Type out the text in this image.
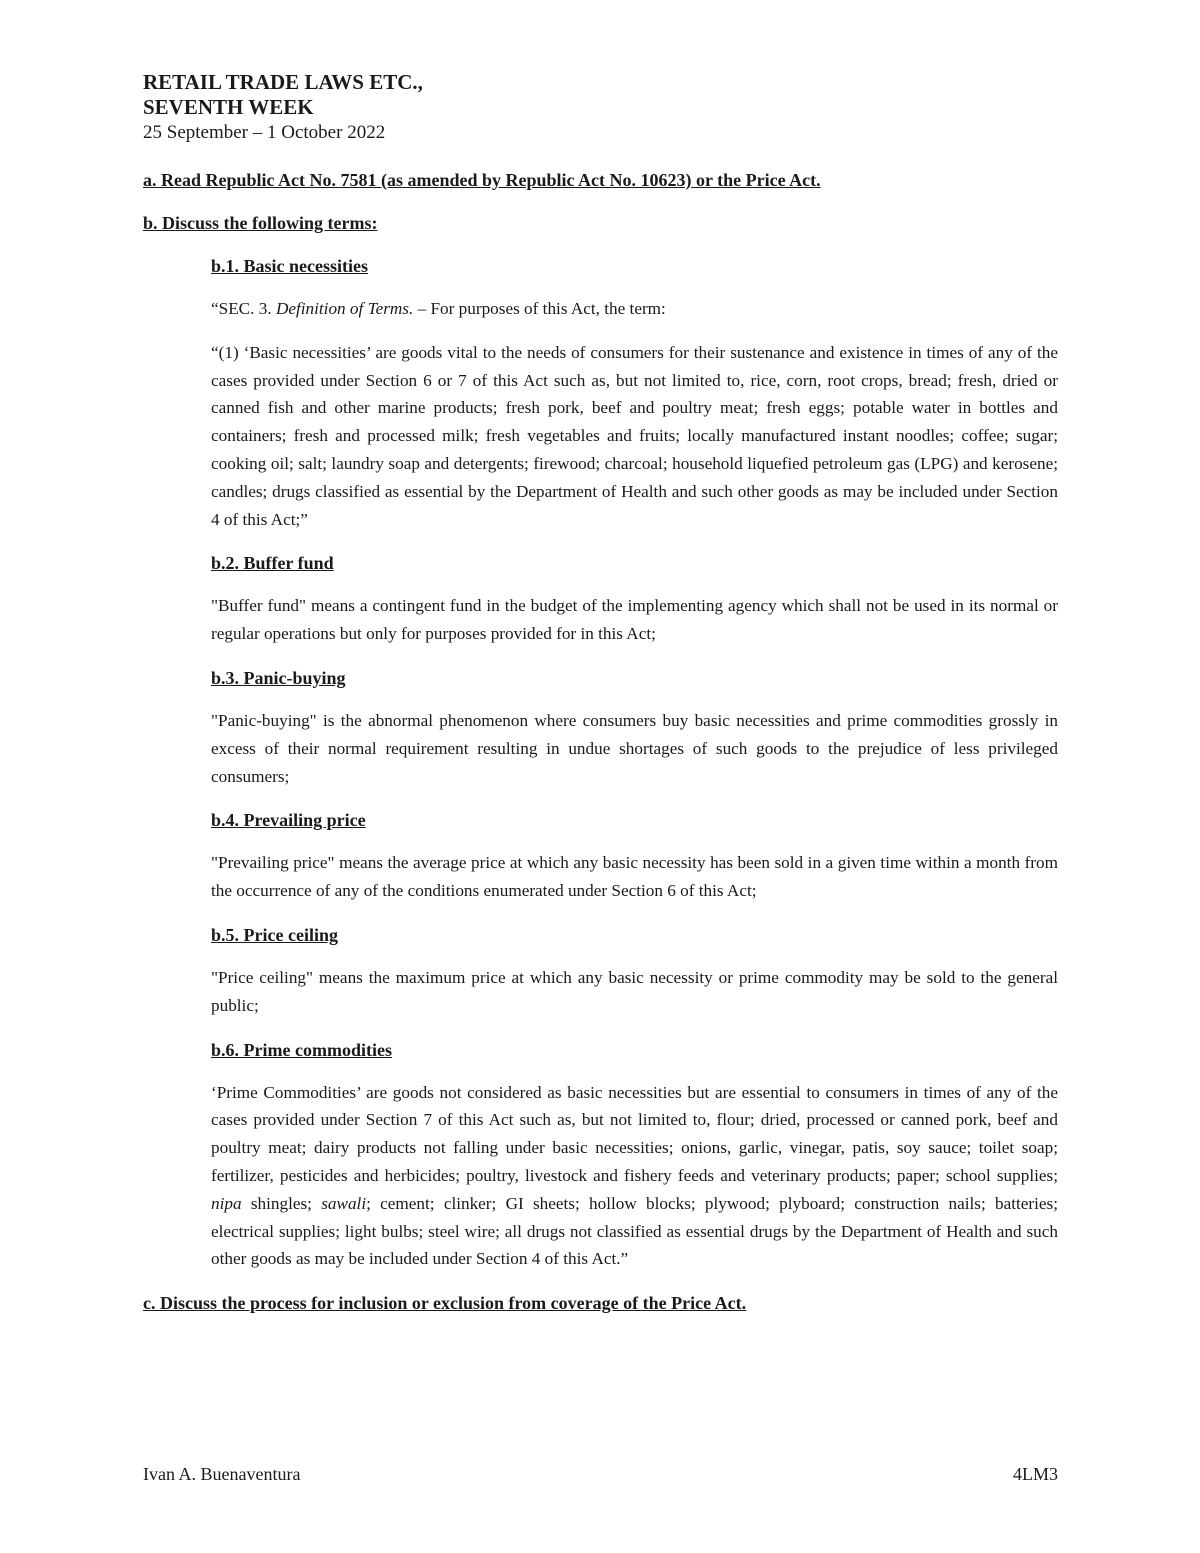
RETAIL TRADE LAWS ETC.,

SEVENTH WEEK

25 September – 1 October 2022

a. Read Republic Act No. 7581 (as amended by Republic Act No. 10623) or the Price Act.

b. Discuss the following terms:

b.1. Basic necessities

“SEC. 3. Definition of Terms. – For purposes of this Act, the term:

“(1) ‘Basic necessities’ are goods vital to the needs of consumers for their sustenance and existence in times of any of the cases provided under Section 6 or 7 of this Act such as, but not limited to, rice, corn, root crops, bread; fresh, dried or canned fish and other marine products; fresh pork, beef and poultry meat; fresh eggs; potable water in bottles and containers; fresh and processed milk; fresh vegetables and fruits; locally manufactured instant noodles; coffee; sugar; cooking oil; salt; laundry soap and detergents; firewood; charcoal; household liquefied petroleum gas (LPG) and kerosene; candles; drugs classified as essential by the Department of Health and such other goods as may be included under Section 4 of this Act;”

b.2. Buffer fund

"Buffer fund" means a contingent fund in the budget of the implementing agency which shall not be used in its normal or regular operations but only for purposes provided for in this Act;

b.3. Panic-buying

"Panic-buying" is the abnormal phenomenon where consumers buy basic necessities and prime commodities grossly in excess of their normal requirement resulting in undue shortages of such goods to the prejudice of less privileged consumers;

b.4. Prevailing price

"Prevailing price" means the average price at which any basic necessity has been sold in a given time within a month from the occurrence of any of the conditions enumerated under Section 6 of this Act;

b.5. Price ceiling

"Price ceiling" means the maximum price at which any basic necessity or prime commodity may be sold to the general public;

b.6. Prime commodities

‘Prime Commodities’ are goods not considered as basic necessities but are essential to consumers in times of any of the cases provided under Section 7 of this Act such as, but not limited to, flour; dried, processed or canned pork, beef and poultry meat; dairy products not falling under basic necessities; onions, garlic, vinegar, patis, soy sauce; toilet soap; fertilizer, pesticides and herbicides; poultry, livestock and fishery feeds and veterinary products; paper; school supplies; nipa shingles; sawali; cement; clinker; GI sheets; hollow blocks; plywood; plyboard; construction nails; batteries; electrical supplies; light bulbs; steel wire; all drugs not classified as essential drugs by the Department of Health and such other goods as may be included under Section 4 of this Act.”

c. Discuss the process for inclusion or exclusion from coverage of the Price Act.

Ivan A. Buenaventura	4LM3
